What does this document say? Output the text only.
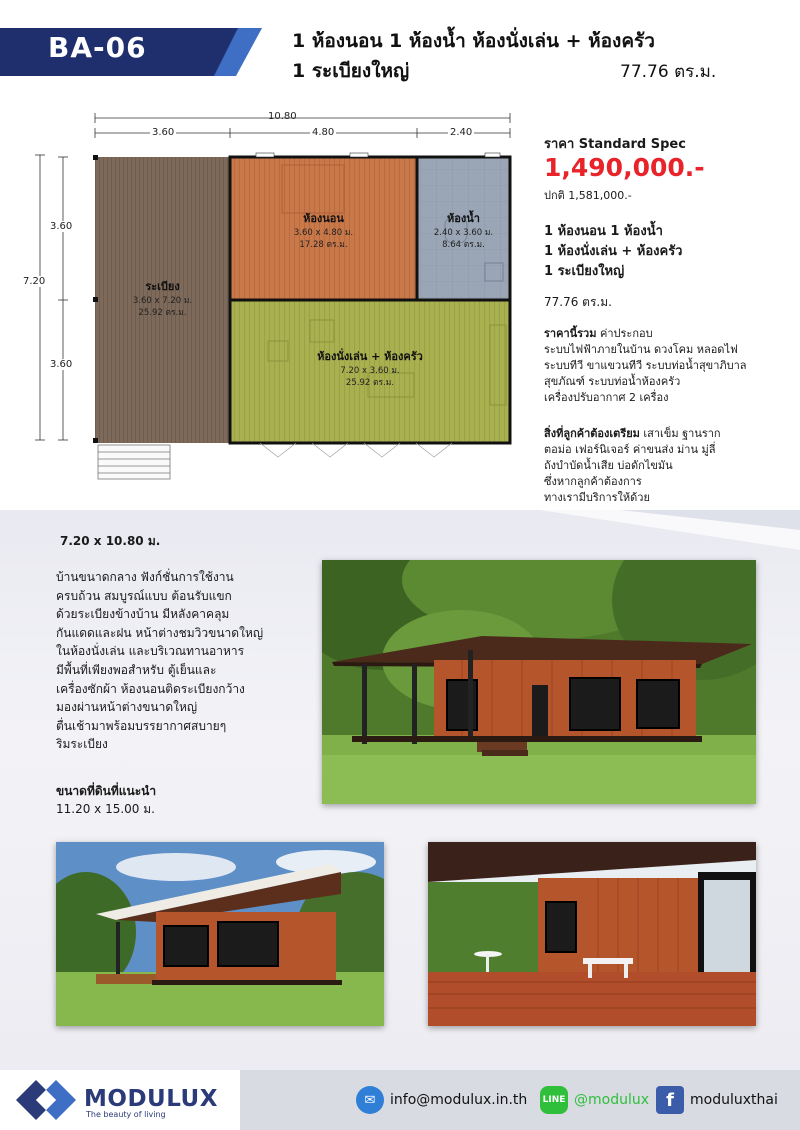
BA-06	1 ห้องนอน 1 ห้องน้ำ ห้องนั่งเล่น + ห้องครัว
1 ระเบียงใหญ่	77.76 ตร.ม.
10.80
3.60	4.80	2.40
7.20
3.60
3.60
ระเบียง
3.60 x 7.20 ม.
25.92 ตร.ม.
ห้องนอน
3.60 x 4.80 ม.
17.28 ตร.ม.
ห้องน้ำ
2.40 x 3.60 ม.
8.64 ตร.ม.
ห้องนั่งเล่น + ห้องครัว
7.20 x 3.60 ม.
25.92 ตร.ม.
ราคา Standard Spec
1,490,000.-
ปกติ 1,581,000.-
1 ห้องนอน 1 ห้องน้ำ
1 ห้องนั่งเล่น + ห้องครัว
1 ระเบียงใหญ่
77.76 ตร.ม.
ราคานี้รวม ค่าประกอบ
ระบบไฟฟ้าภายในบ้าน ดวงโคม หลอดไฟ
ระบบทีวี ขาแขวนทีวี ระบบท่อน้ำสุขาภิบาล
สุขภัณฑ์ ระบบท่อน้ำห้องครัว
เครื่องปรับอากาศ 2 เครื่อง
สิ่งที่ลูกค้าต้องเตรียม เสาเข็ม ฐานราก
ตอม่อ เฟอร์นิเจอร์ ค่าขนส่ง ม่าน มู่ลี่
ถังบำบัดน้ำเสีย บ่อดักไขมัน
ซึ่งหากลูกค้าต้องการ
ทางเรามีบริการให้ด้วย
7.20 x 10.80 ม.
บ้านขนาดกลาง ฟังก์ชั่นการใช้งาน
ครบถ้วน สมบูรณ์แบบ ต้อนรับแขก
ด้วยระเบียงข้างบ้าน มีหลังคาคลุม
กันแดดและฝน หน้าต่างชมวิวขนาดใหญ่
ในห้องนั่งเล่น และบริเวณทานอาหาร
มีพื้นที่เพียงพอสำหรับ ตู้เย็นและ
เครื่องซักผ้า ห้องนอนติดระเบียงกว้าง
มองผ่านหน้าต่างขนาดใหญ่
ตื่นเช้ามาพร้อมบรรยากาศสบายๆ
ริมระเบียง
ขนาดที่ดินที่แนะนำ
11.20 x 15.00 ม.
MODULUX
The beauty of living
✉	info@modulux.in.th LINE @modulux f	moduluxthai
